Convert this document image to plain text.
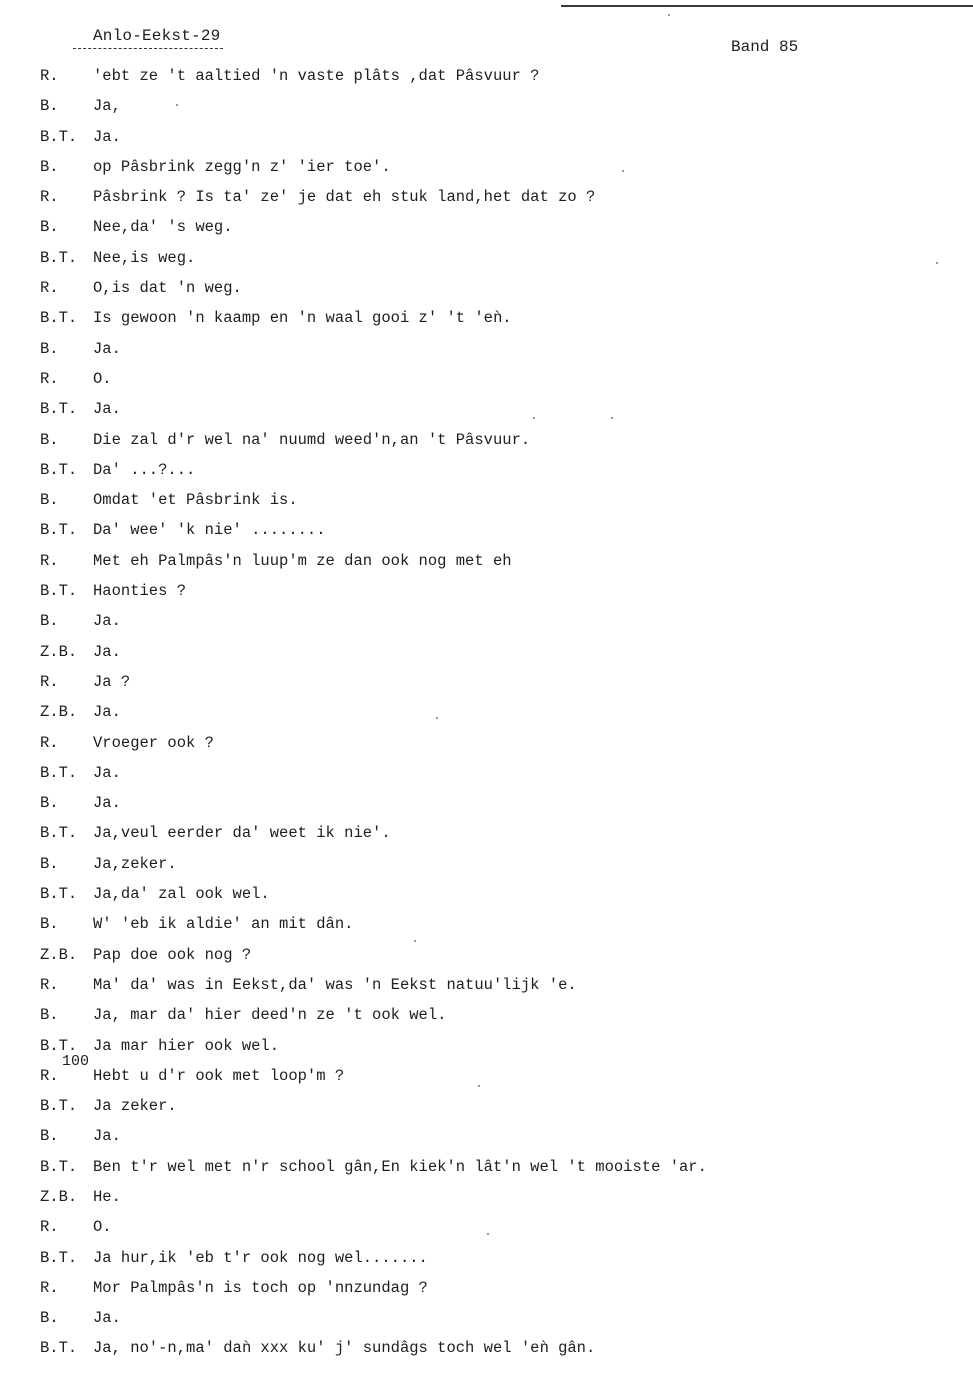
Anlo-Eekst-29
Band 85
R.	'ebt ze 't aaltied 'n vaste plâts ,dat Pâsvuur ?
B.	Ja,
B.T.	Ja.
B.	op Pâsbrink zegg'n z' 'ier toe'.
R.	Pâsbrink ? Is ta' ze' je dat eh stuk land,het dat zo ?
B.	Nee,da' 's weg.
B.T.	Nee,is weg.
R.	O,is dat 'n weg.
B.T.	Is gewoon 'n kaamp en 'n waal gooi z' 't 'eǹ.
B.	Ja.
R.	O.
B.T.	Ja.
B.	Die zal d'r wel na' nuumd weed'n,an 't Pâsvuur.
B.T.	Da' ...?...
B.	Omdat 'et Pâsbrink is.
B.T.	Da' wee' 'k nie' ........
R.	Met eh Palmpâs'n luup'm ze dan ook nog met eh
B.T.	Haonties ?
B.	Ja.
Z.B.	Ja.
R.	Ja ?
Z.B.	Ja.
R.	Vroeger ook ?
B.T.	Ja.
B.	Ja.
B.T.	Ja,veul eerder da' weet ik nie'.
B.	Ja,zeker.
B.T.	Ja,da' zal ook wel.
B.	W' 'eb ik aldie' an mit dân.
Z.B.	Pap doe ook nog ?
R.	Ma' da' was in Eekst,da' was 'n Eekst natuu'lijk 'e.
B.	Ja, mar da' hier deed'n ze 't ook wel.
B.T.	Ja mar hier ook wel.
R.	Hebt u d'r ook met loop'm ?
B.T.	Ja zeker.
B.	Ja.
B.T.	Ben t'r wel met n'r school gân,En kiek'n lât'n wel 't mooiste 'ar.
Z.B.	He.
R.	O.
B.T.	Ja hur,ik 'eb t'r ook nog wel.......
R.	Mor Palmpâs'n is toch op 'nnzundag ?
B.	Ja.
B.T.	Ja, no'-n,ma' daǹ xxx ku' j' sundâgs toch wel 'eǹ gân.
100
